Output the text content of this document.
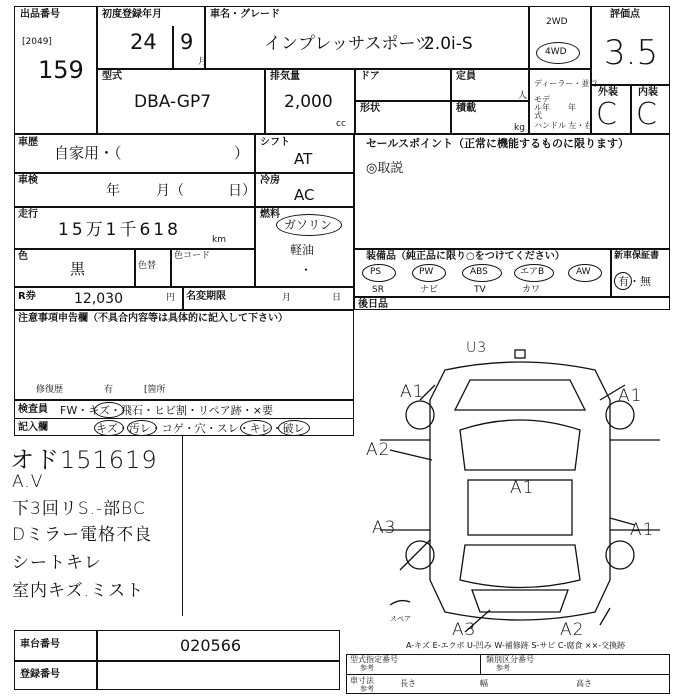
出品番号
[2049]
159
初度登録年月
24 9
月
車名・グレード
インプレッサスポーツ
2.0i-S
2WD
4WD
評価点
3.5
型式
DBA-GP7
排気量
2,000
cc
ドア	定員
人
形状	積載
kg
ディーラー・並行
モデル年式
年
ハンドル 左・右
外装 内装
C C
車歴
自家用・（	）
シフト
AT
車検
年	月（	日）
冷房
AC
走行
15万1千618	km
燃料
ガソリン
軽油
・
色
黒	色替
色コード
R券	12,030	円 名変期限	月	日
セールスポイント（正常に機能するものに限ります）
◎取説
装備品（純正品に限り○をつけてください）	新車保証書
PS	PW	ABS	エアB	AW
SR	ナビ	TV	カワ
有・無
後日品
注意事項申告欄（不具合内容等は具体的に記入して下さい）
修復歴	有	[箇所
検査員 FW・キズ・飛石・ヒビ割・リペア跡・×要
記入欄	キズ・汚レ・コゲ・穴・スレ・キレ・破レ
オド151619
A.V
下3回リS.-部BC
Dミラー電格不良
シートキレ
室内キズ.ミスト
U3
A1	A1
A2
A1
A3	A1
A3	A2
スペア
A-キズ E-エクボ U-凹み W-補修跡 S-サビ C-腐食 ××-交換跡
車台番号	020566
登録番号
型式指定番号
参考
類別区分番号
参考
車寸法
参考
長さ	幅	高さ
